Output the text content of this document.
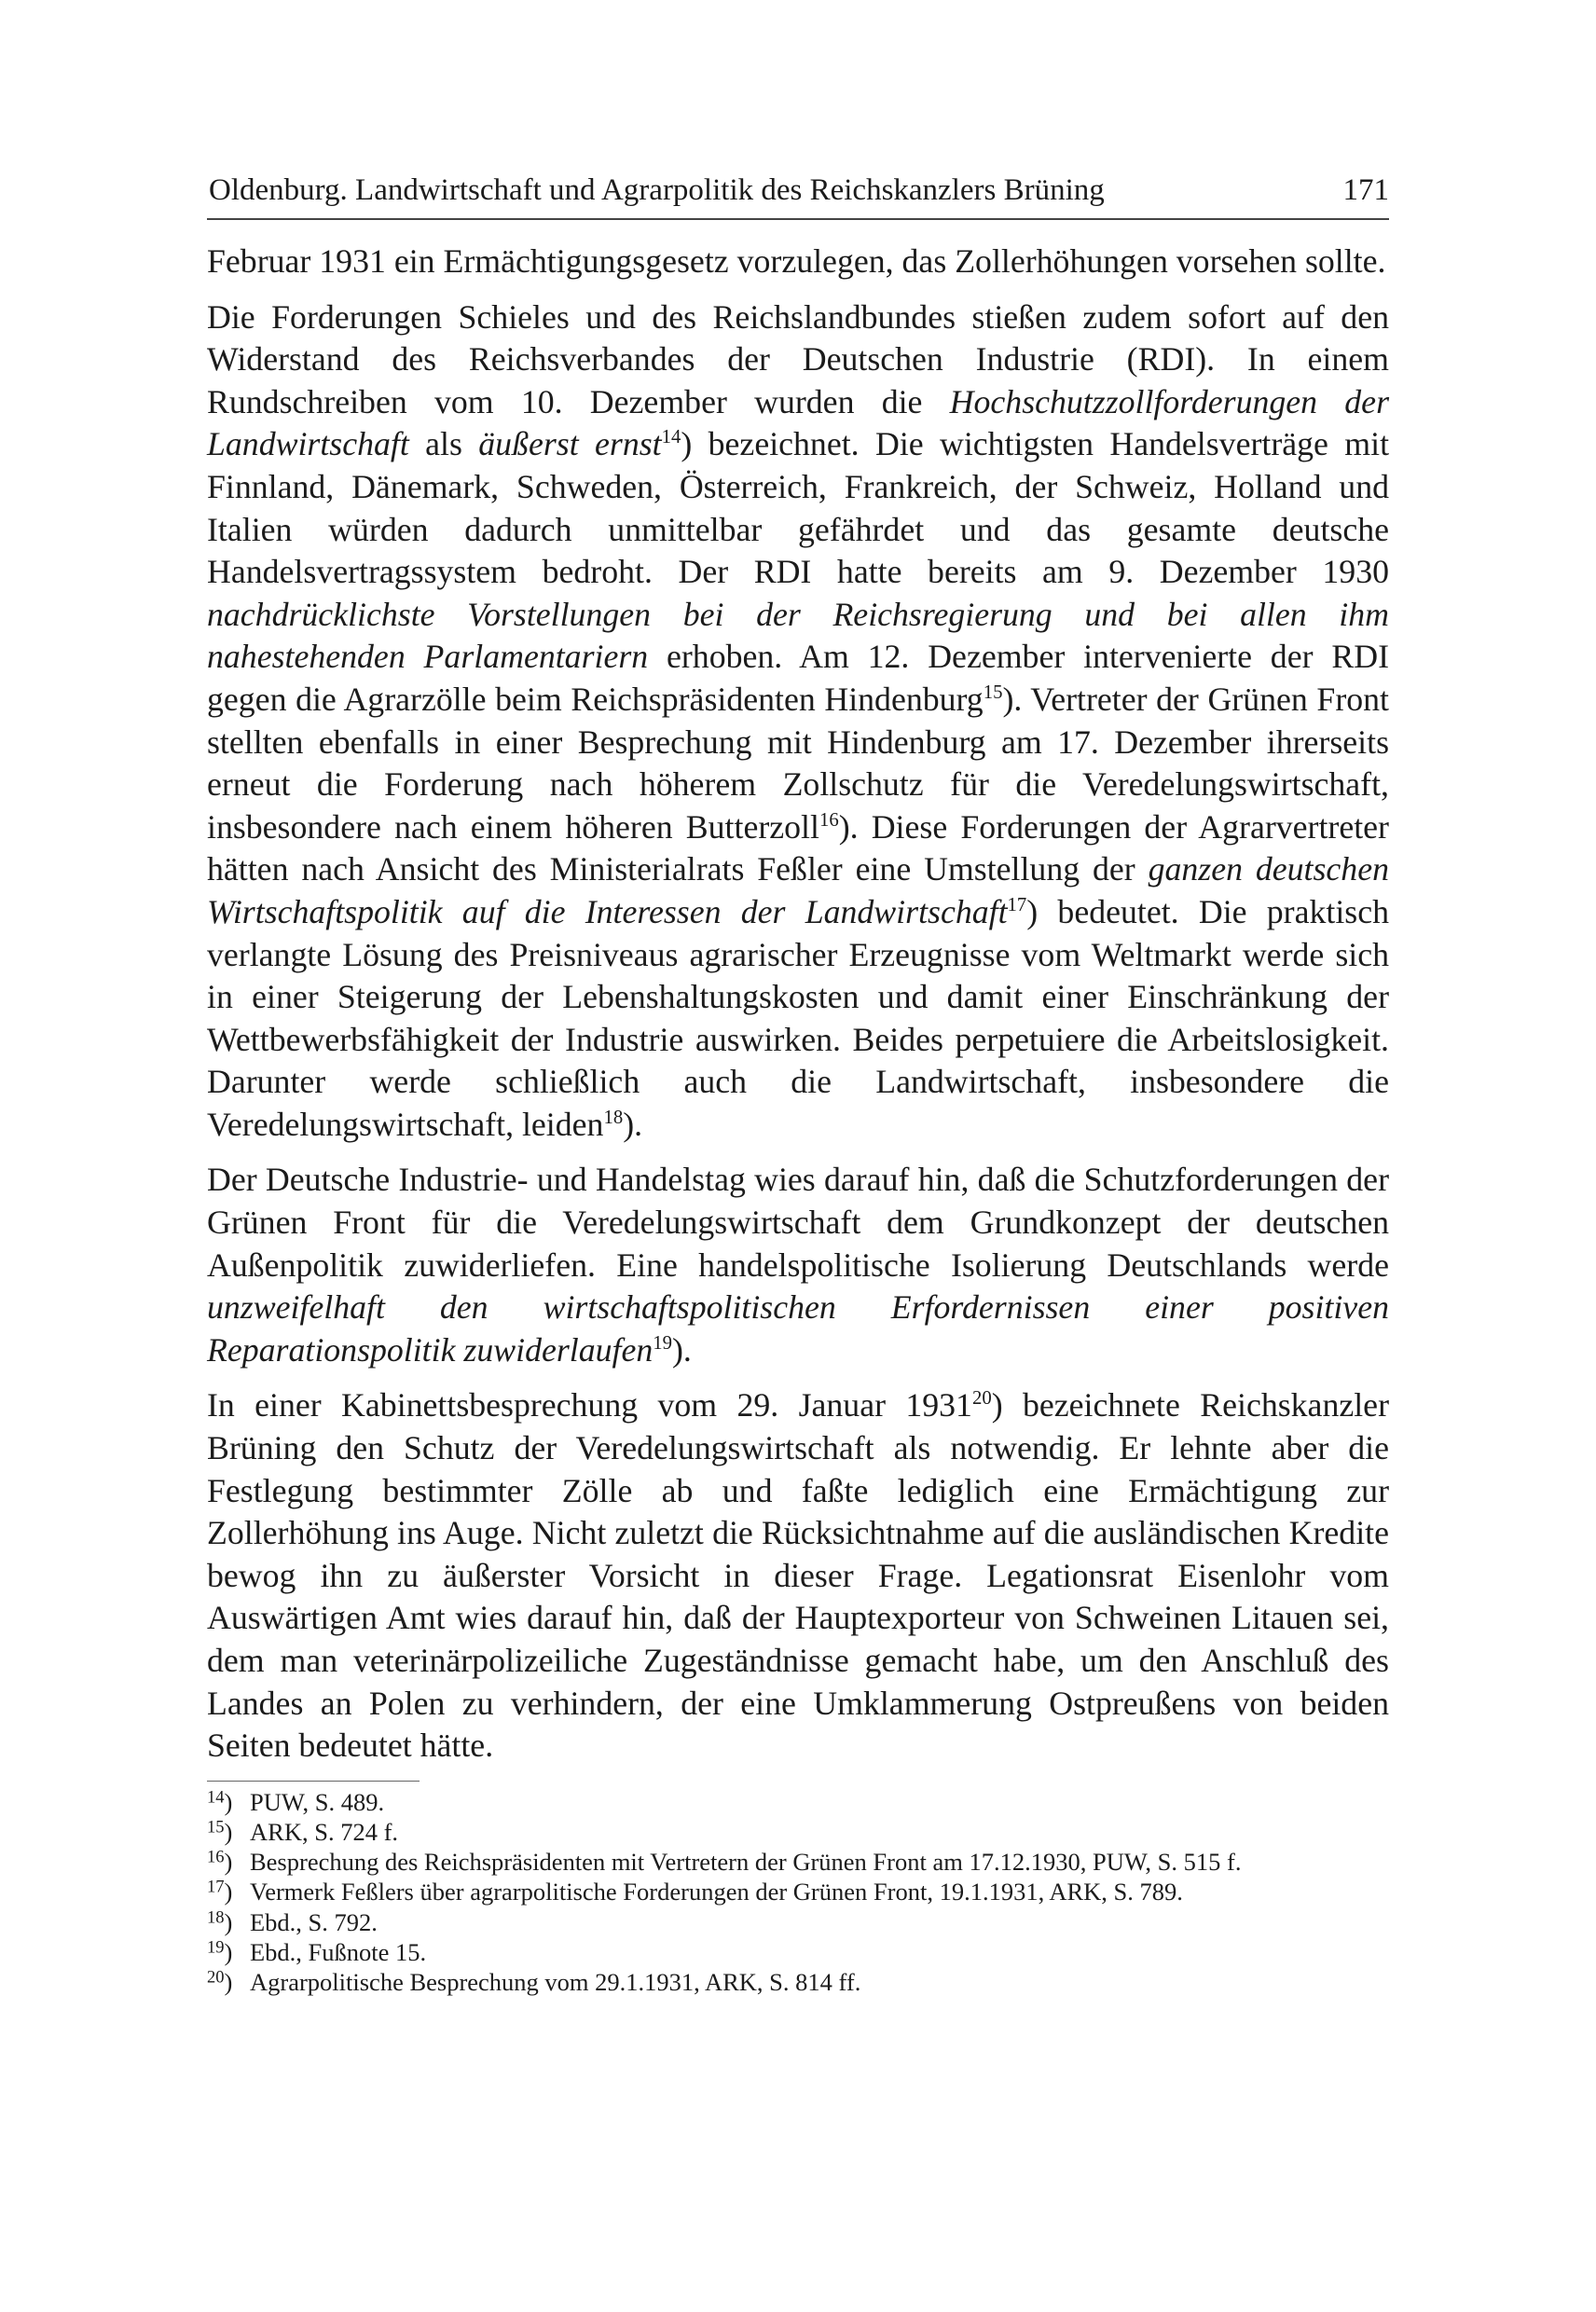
Oldenburg. Landwirtschaft und Agrarpolitik des Reichskanzlers Brüning	171

Februar 1931 ein Ermächtigungsgesetz vorzulegen, das Zollerhöhungen vorsehen sollte.

Die Forderungen Schieles und des Reichslandbundes stießen zudem sofort auf den Widerstand des Reichsverbandes der Deutschen Industrie (RDI). In einem Rundschreiben vom 10. Dezember wurden die Hochschutzzollforderungen der Landwirtschaft als äußerst ernst$^{14}$) bezeichnet. Die wichtigsten Handelsverträge mit Finnland, Dänemark, Schweden, Österreich, Frankreich, der Schweiz, Holland und Italien würden dadurch unmittelbar gefährdet und das gesamte deutsche Handelsvertragssystem bedroht. Der RDI hatte bereits am 9. Dezember 1930 nachdrücklichste Vorstellungen bei der Reichsregierung und bei allen ihm nahestehenden Parlamentariern erhoben. Am 12. Dezember intervenierte der RDI gegen die Agrarzölle beim Reichspräsidenten Hindenburg$^{15}$). Vertreter der Grünen Front stellten ebenfalls in einer Besprechung mit Hindenburg am 17. Dezember ihrerseits erneut die Forderung nach höherem Zollschutz für die Veredelungswirtschaft, insbesondere nach einem höheren Butterzoll$^{16}$). Diese Forderungen der Agrarvertreter hätten nach Ansicht des Ministerialrats Feßler eine Umstellung der ganzen deutschen Wirtschaftspolitik auf die Interessen der Landwirtschaft$^{17}$) bedeutet. Die praktisch verlangte Lösung des Preisniveaus agrarischer Erzeugnisse vom Weltmarkt werde sich in einer Steigerung der Lebenshaltungskosten und damit einer Einschränkung der Wettbewerbsfähigkeit der Industrie auswirken. Beides perpetuiere die Arbeitslosigkeit. Darunter werde schließlich auch die Landwirtschaft, insbesondere die Veredelungswirtschaft, leiden$^{18}$).

Der Deutsche Industrie- und Handelstag wies darauf hin, daß die Schutzforderungen der Grünen Front für die Veredelungswirtschaft dem Grundkonzept der deutschen Außenpolitik zuwiderliefen. Eine handelspolitische Isolierung Deutschlands werde unzweifelhaft den wirtschaftspolitischen Erfordernissen einer positiven Reparationspolitik zuwiderlaufen$^{19}$).

In einer Kabinettsbesprechung vom 29. Januar 1931$^{20}$) bezeichnete Reichskanzler Brüning den Schutz der Veredelungswirtschaft als notwendig. Er lehnte aber die Festlegung bestimmter Zölle ab und faßte lediglich eine Ermächtigung zur Zollerhöhung ins Auge. Nicht zuletzt die Rücksichtnahme auf die ausländischen Kredite bewog ihn zu äußerster Vorsicht in dieser Frage. Legationsrat Eisenlohr vom Auswärtigen Amt wies darauf hin, daß der Hauptexporteur von Schweinen Litauen sei, dem man veterinärpolizeiliche Zugeständnisse gemacht habe, um den Anschluß des Landes an Polen zu verhindern, der eine Umklammerung Ostpreußens von beiden Seiten bedeutet hätte.

$^{14}$) PUW, S. 489.
$^{15}$) ARK, S. 724 f.
$^{16}$) Besprechung des Reichspräsidenten mit Vertretern der Grünen Front am 17.12.1930, PUW, S. 515 f.
$^{17}$) Vermerk Feßlers über agrarpolitische Forderungen der Grünen Front, 19.1.1931, ARK, S. 789.
$^{18}$) Ebd., S. 792.
$^{19}$) Ebd., Fußnote 15.
$^{20}$) Agrarpolitische Besprechung vom 29.1.1931, ARK, S. 814 ff.
